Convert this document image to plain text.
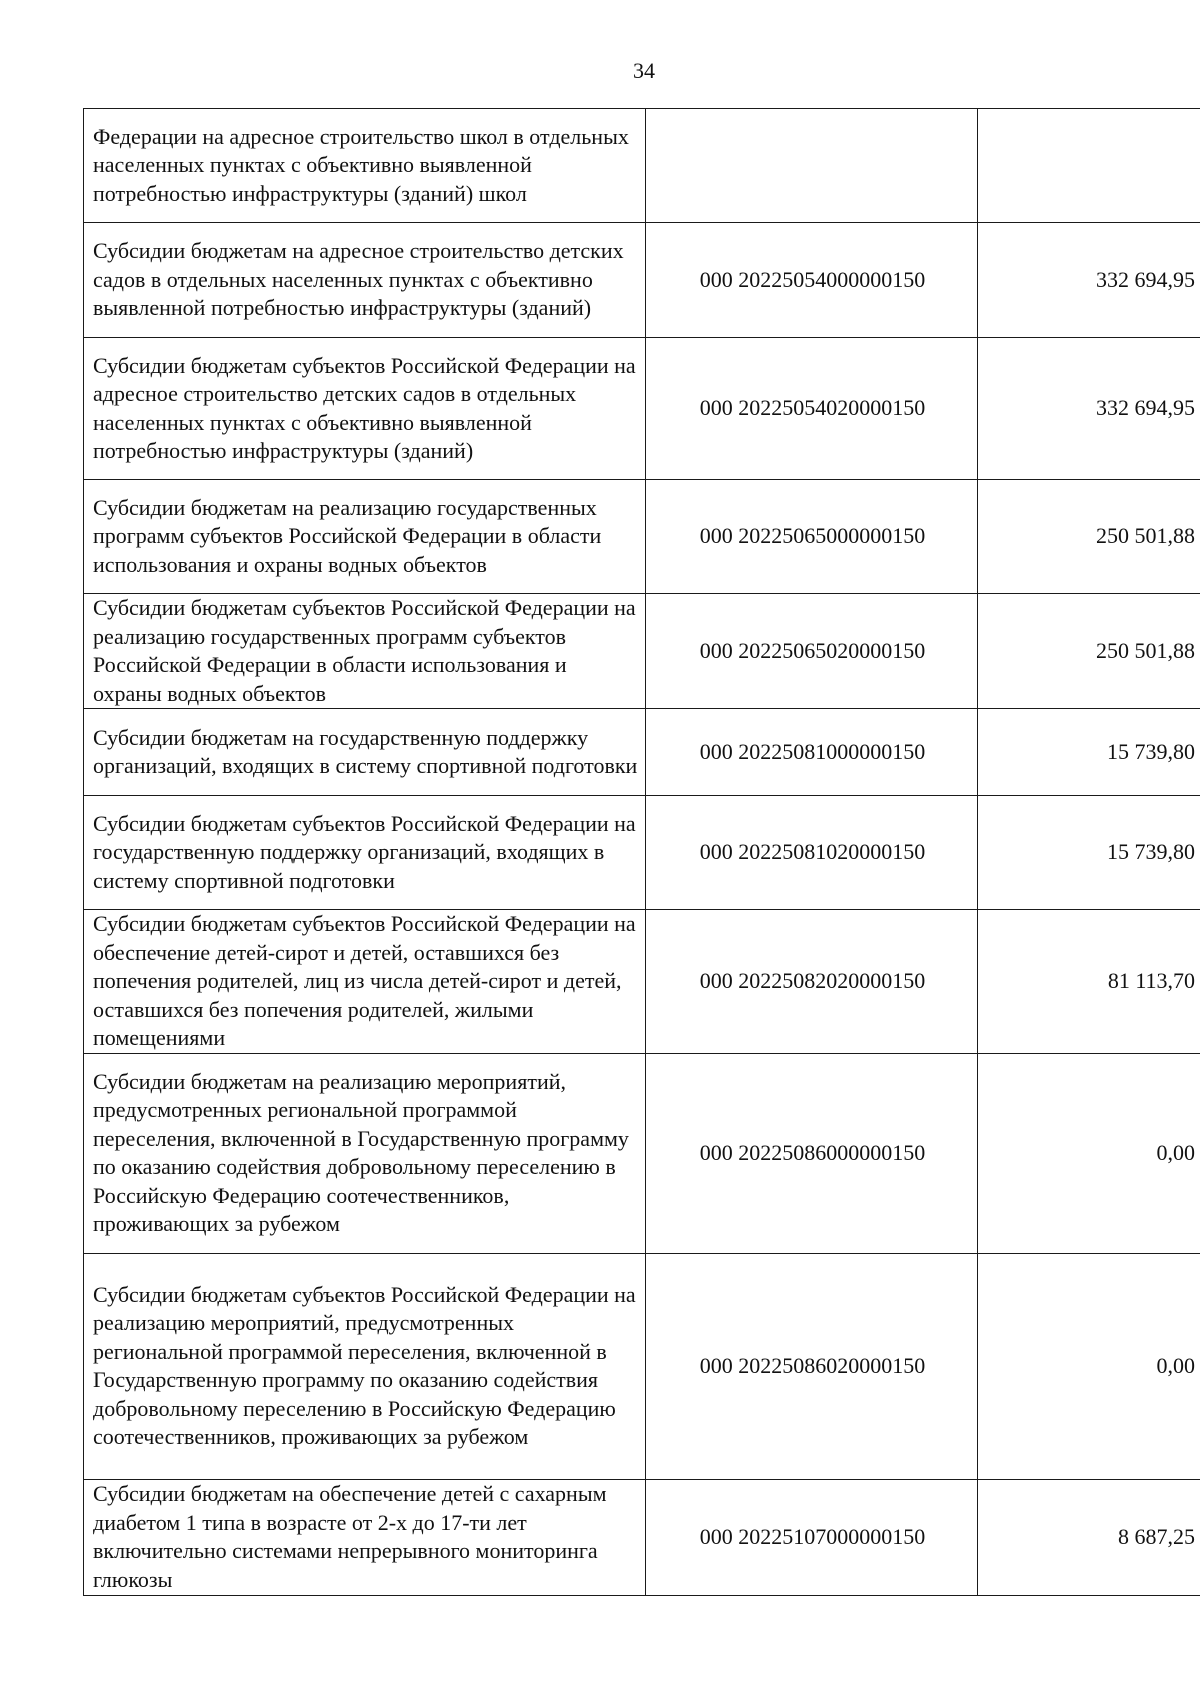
34
Федерации на адресное строительство школ в отдельных населенных пунктах с объективно выявленной потребностью инфраструктуры (зданий) школ		
Субсидии бюджетам на адресное строительство детских садов в отдельных населенных пунктах с объективно выявленной потребностью инфраструктуры (зданий)	000 20225054000000150	332 694,95
Субсидии бюджетам субъектов Российской Федерации на адресное строительство детских садов в отдельных населенных пунктах с объективно выявленной потребностью инфраструктуры (зданий)	000 20225054020000150	332 694,95
Субсидии бюджетам на реализацию государственных программ субъектов Российской Федерации в области использования и охраны водных объектов	000 20225065000000150	250 501,88
Субсидии бюджетам субъектов Российской Федерации на реализацию государственных программ субъектов Российской Федерации в области использования и охраны водных объектов	000 20225065020000150	250 501,88
Субсидии бюджетам на государственную поддержку организаций, входящих в систему спортивной подготовки	000 20225081000000150	15 739,80
Субсидии бюджетам субъектов Российской Федерации на государственную поддержку организаций, входящих в систему спортивной подготовки	000 20225081020000150	15 739,80
Субсидии бюджетам субъектов Российской Федерации на обеспечение детей-сирот и детей, оставшихся без попечения родителей, лиц из числа детей-сирот и детей, оставшихся без попечения родителей, жилыми помещениями	000 20225082020000150	81 113,70
Субсидии бюджетам на реализацию мероприятий, предусмотренных региональной программой переселения, включенной в Государственную программу по оказанию содействия добровольному переселению в Российскую Федерацию соотечественников, проживающих за рубежом	000 20225086000000150	0,00
Субсидии бюджетам субъектов Российской Федерации на реализацию мероприятий, предусмотренных региональной программой переселения, включенной в Государственную программу по оказанию содействия добровольному переселению в Российскую Федерацию соотечественников, проживающих за рубежом	000 20225086020000150	0,00
Субсидии бюджетам на обеспечение детей с сахарным диабетом 1 типа в возрасте от 2-х до 17-ти лет включительно системами непрерывного мониторинга глюкозы	000 20225107000000150	8 687,25
